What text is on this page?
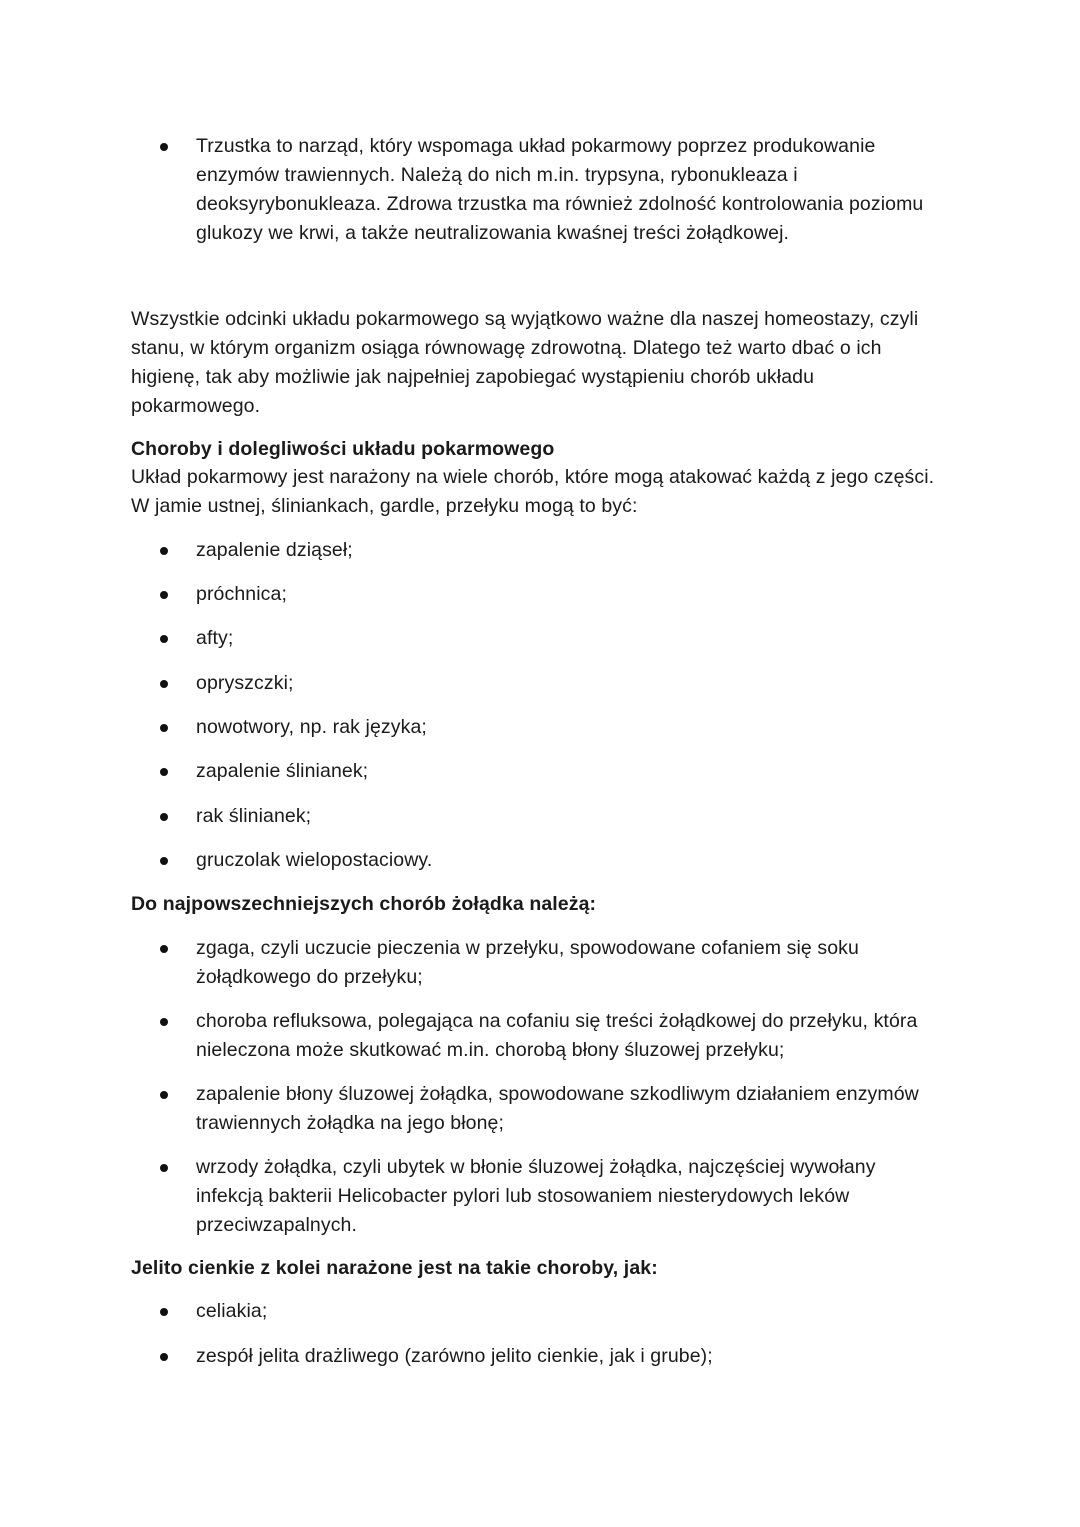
Trzustka to narząd, który wspomaga układ pokarmowy poprzez produkowanie enzymów trawiennych. Należą do nich m.in. trypsyna, rybonukleaza i deoksyrybonukleaza. Zdrowa trzustka ma również zdolność kontrolowania poziomu glukozy we krwi, a także neutralizowania kwaśnej treści żołądkowej.

Wszystkie odcinki układu pokarmowego są wyjątkowo ważne dla naszej homeostazy, czyli stanu, w którym organizm osiąga równowagę zdrowotną. Dlatego też warto dbać o ich higienę, tak aby możliwie jak najpełniej zapobiegać wystąpieniu chorób układu pokarmowego.

Choroby i dolegliwości układu pokarmowego

Układ pokarmowy jest narażony na wiele chorób, które mogą atakować każdą z jego części. W jamie ustnej, śliniankach, gardle, przełyku mogą to być:

zapalenie dziąseł;

próchnica;

afty;

opryszczki;

nowotwory, np. rak języka;

zapalenie ślinianek;

rak ślinianek;

gruczolak wielopostaciowy.

Do najpowszechniejszych chorób żołądka należą:

zgaga, czyli uczucie pieczenia w przełyku, spowodowane cofaniem się soku żołądkowego do przełyku;

choroba refluksowa, polegająca na cofaniu się treści żołądkowej do przełyku, która nieleczona może skutkować m.in. chorobą błony śluzowej przełyku;

zapalenie błony śluzowej żołądka, spowodowane szkodliwym działaniem enzymów trawiennych żołądka na jego błonę;

wrzody żołądka, czyli ubytek w błonie śluzowej żołądka, najczęściej wywołany infekcją bakterii Helicobacter pylori lub stosowaniem niesterydowych leków przeciwzapalnych.

Jelito cienkie z kolei narażone jest na takie choroby, jak:

celiakia;

zespół jelita drażliwego (zarówno jelito cienkie, jak i grube);
